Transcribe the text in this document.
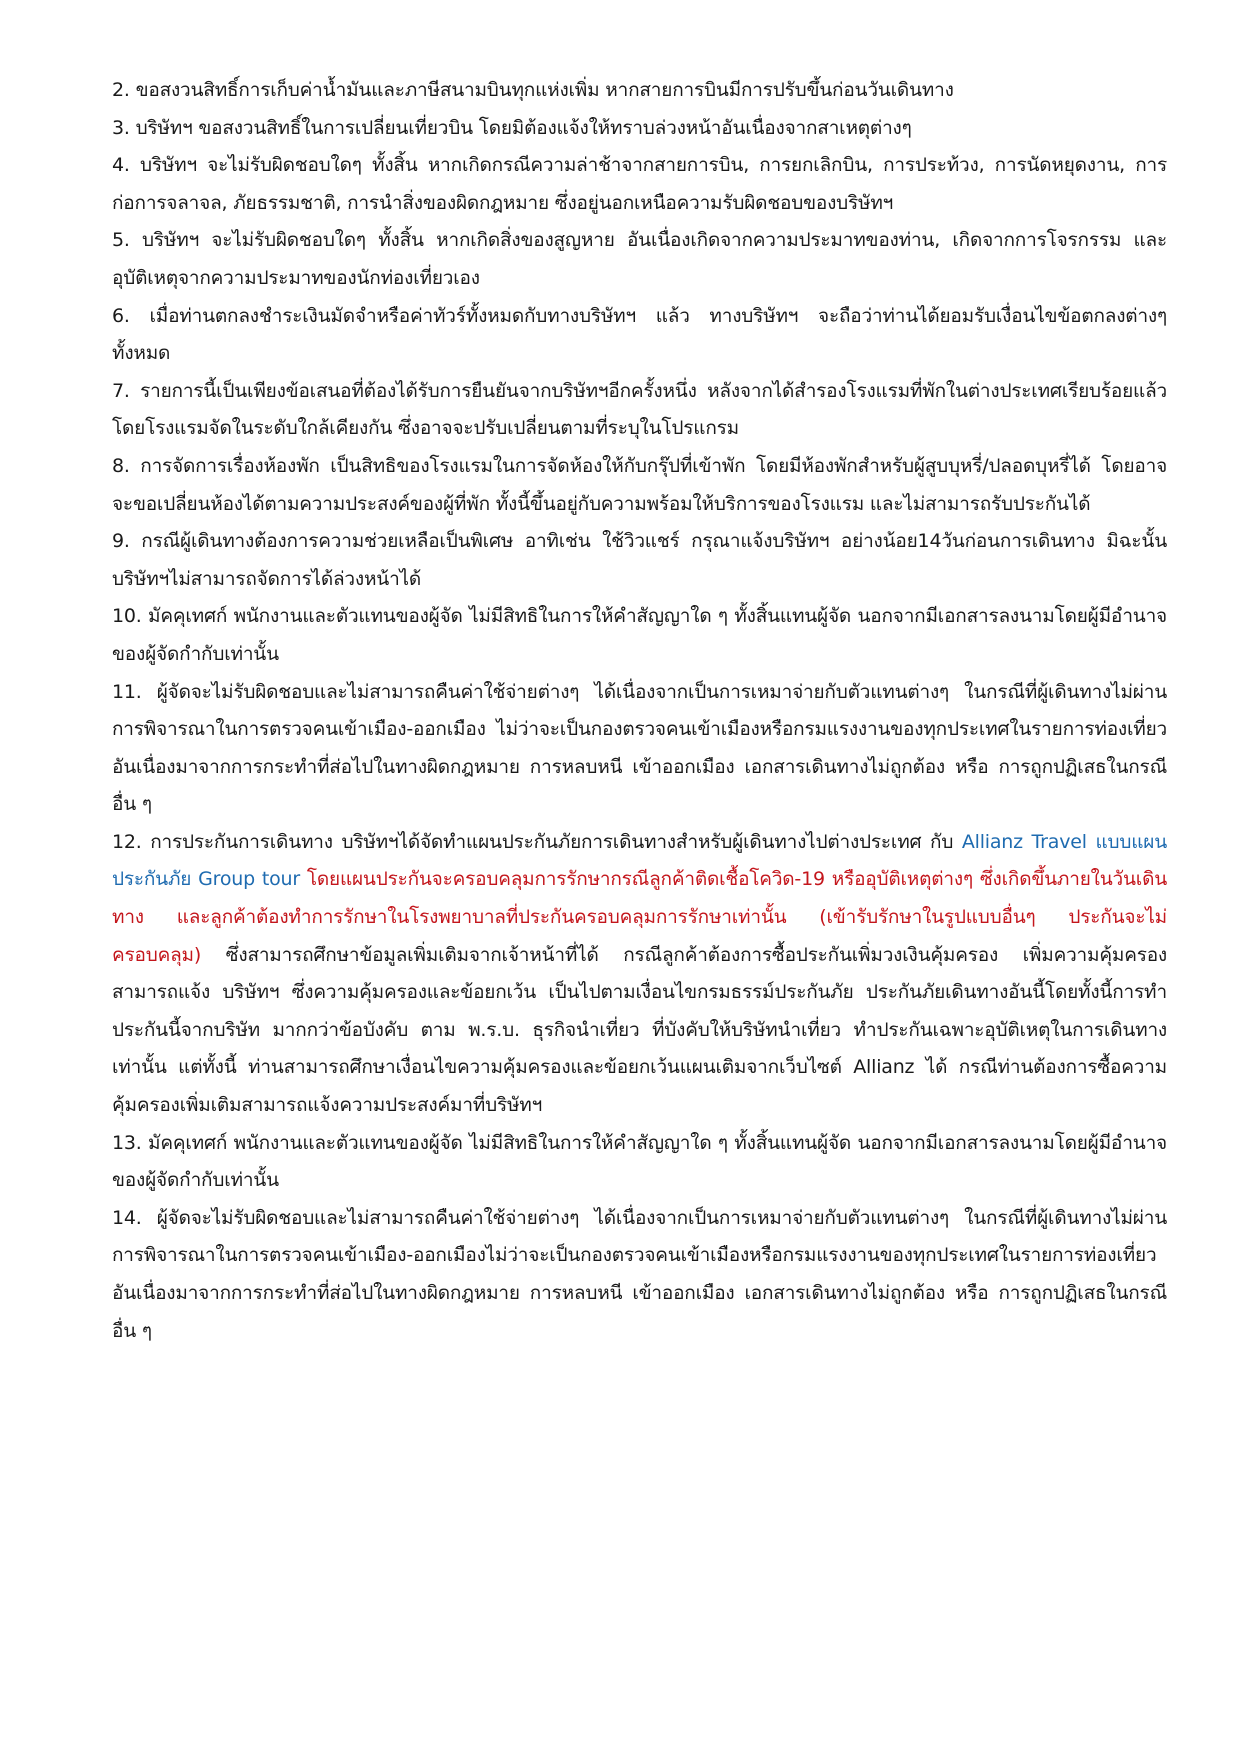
2. ขอสงวนสิทธิ์การเก็บค่าน้ำมันและภาษีสนามบินทุกแห่งเพิ่ม หากสายการบินมีการปรับขึ้นก่อนวันเดินทาง

3. บริษัทฯ ขอสงวนสิทธิ์ในการเปลี่ยนเที่ยวบิน โดยมิต้องแจ้งให้ทราบล่วงหน้าอันเนื่องจากสาเหตุต่างๆ

4. บริษัทฯ จะไม่รับผิดชอบใดๆ ทั้งสิ้น หากเกิดกรณีความล่าช้าจากสายการบิน, การยกเลิกบิน, การประท้วง, การนัดหยุดงาน, การก่อการจลาจล, ภัยธรรมชาติ, การนำสิ่งของผิดกฎหมาย ซึ่งอยู่นอกเหนือความรับผิดชอบของบริษัทฯ

5. บริษัทฯ จะไม่รับผิดชอบใดๆ ทั้งสิ้น หากเกิดสิ่งของสูญหาย อันเนื่องเกิดจากความประมาทของท่าน, เกิดจากการโจรกรรม และ อุบัติเหตุจากความประมาทของนักท่องเที่ยวเอง

6. เมื่อท่านตกลงชำระเงินมัดจำหรือค่าทัวร์ทั้งหมดกับทางบริษัทฯ แล้ว ทางบริษัทฯ จะถือว่าท่านได้ยอมรับเงื่อนไขข้อตกลงต่างๆ ทั้งหมด

7. รายการนี้เป็นเพียงข้อเสนอที่ต้องได้รับการยืนยันจากบริษัทฯอีกครั้งหนึ่ง หลังจากได้สำรองโรงแรมที่พักในต่างประเทศเรียบร้อยแล้ว โดยโรงแรมจัดในระดับใกล้เคียงกัน ซึ่งอาจจะปรับเปลี่ยนตามที่ระบุในโปรแกรม

8. การจัดการเรื่องห้องพัก เป็นสิทธิของโรงแรมในการจัดห้องให้กับกรุ๊ปที่เข้าพัก โดยมีห้องพักสำหรับผู้สูบบุหรี่/ปลอดบุหรี่ได้ โดยอาจจะขอเปลี่ยนห้องได้ตามความประสงค์ของผู้ที่พัก ทั้งนี้ขึ้นอยู่กับความพร้อมให้บริการของโรงแรม และไม่สามารถรับประกันได้

9. กรณีผู้เดินทางต้องการความช่วยเหลือเป็นพิเศษ อาทิเช่น ใช้วิวแชร์ กรุณาแจ้งบริษัทฯ อย่างน้อย14วันก่อนการเดินทาง มิฉะนั้น บริษัทฯไม่สามารถจัดการได้ล่วงหน้าได้

10. มัคคุเทศก์ พนักงานและตัวแทนของผู้จัด ไม่มีสิทธิในการให้คำสัญญาใด ๆ ทั้งสิ้นแทนผู้จัด นอกจากมีเอกสารลงนามโดยผู้มีอำนาจของผู้จัดกำกับเท่านั้น

11. ผู้จัดจะไม่รับผิดชอบและไม่สามารถคืนค่าใช้จ่ายต่างๆ ได้เนื่องจากเป็นการเหมาจ่ายกับตัวแทนต่างๆ ในกรณีที่ผู้เดินทางไม่ผ่านการพิจารณาในการตรวจคนเข้าเมือง-ออกเมือง ไม่ว่าจะเป็นกองตรวจคนเข้าเมืองหรือกรมแรงงานของทุกประเทศในรายการท่องเที่ยว อันเนื่องมาจากการกระทำที่ส่อไปในทางผิดกฎหมาย การหลบหนี เข้าออกเมือง เอกสารเดินทางไม่ถูกต้อง หรือ การถูกปฏิเสธในกรณีอื่น ๆ

12. การประกันการเดินทาง บริษัทฯได้จัดทำแผนประกันภัยการเดินทางสำหรับผู้เดินทางไปต่างประเทศ กับ Allianz Travel แบบแผนประกันภัย Group tour โดยแผนประกันจะครอบคลุมการรักษากรณีลูกค้าติดเชื้อโควิด-19 หรืออุบัติเหตุต่างๆ ซึ่งเกิดขึ้นภายในวันเดินทาง และลูกค้าต้องทำการรักษาในโรงพยาบาลที่ประกันครอบคลุมการรักษาเท่านั้น (เข้ารับรักษาในรูปแบบอื่นๆ ประกันจะไม่ครอบคลุม) ซึ่งสามารถศึกษาข้อมูลเพิ่มเติมจากเจ้าหน้าที่ได้ กรณีลูกค้าต้องการซื้อประกันเพิ่มวงเงินคุ้มครอง เพิ่มความคุ้มครอง สามารถแจ้ง บริษัทฯ ซึ่งความคุ้มครองและข้อยกเว้น เป็นไปตามเงื่อนไขกรมธรรม์ประกันภัย ประกันภัยเดินทางอันนี้โดยทั้งนี้การทำประกันนี้จากบริษัท มากกว่าข้อบังคับ ตาม พ.ร.บ. ธุรกิจนำเที่ยว ที่บังคับให้บริษัทนำเที่ยว ทำประกันเฉพาะอุบัติเหตุในการเดินทางเท่านั้น แต่ทั้งนี้ ท่านสามารถศึกษาเงื่อนไขความคุ้มครองและข้อยกเว้นแผนเติมจากเว็บไซต์ Allianz ได้ กรณีท่านต้องการซื้อความคุ้มครองเพิ่มเติมสามารถแจ้งความประสงค์มาที่บริษัทฯ

13. มัคคุเทศก์ พนักงานและตัวแทนของผู้จัด ไม่มีสิทธิในการให้คำสัญญาใด ๆ ทั้งสิ้นแทนผู้จัด นอกจากมีเอกสารลงนามโดยผู้มีอำนาจของผู้จัดกำกับเท่านั้น

14. ผู้จัดจะไม่รับผิดชอบและไม่สามารถคืนค่าใช้จ่ายต่างๆ ได้เนื่องจากเป็นการเหมาจ่ายกับตัวแทนต่างๆ ในกรณีที่ผู้เดินทางไม่ผ่านการพิจารณาในการตรวจคนเข้าเมือง-ออกเมืองไม่ว่าจะเป็นกองตรวจคนเข้าเมืองหรือกรมแรงงานของทุกประเทศในรายการท่องเที่ยว อันเนื่องมาจากการกระทำที่ส่อไปในทางผิดกฎหมาย การหลบหนี เข้าออกเมือง เอกสารเดินทางไม่ถูกต้อง หรือ การถูกปฏิเสธในกรณีอื่น ๆ
